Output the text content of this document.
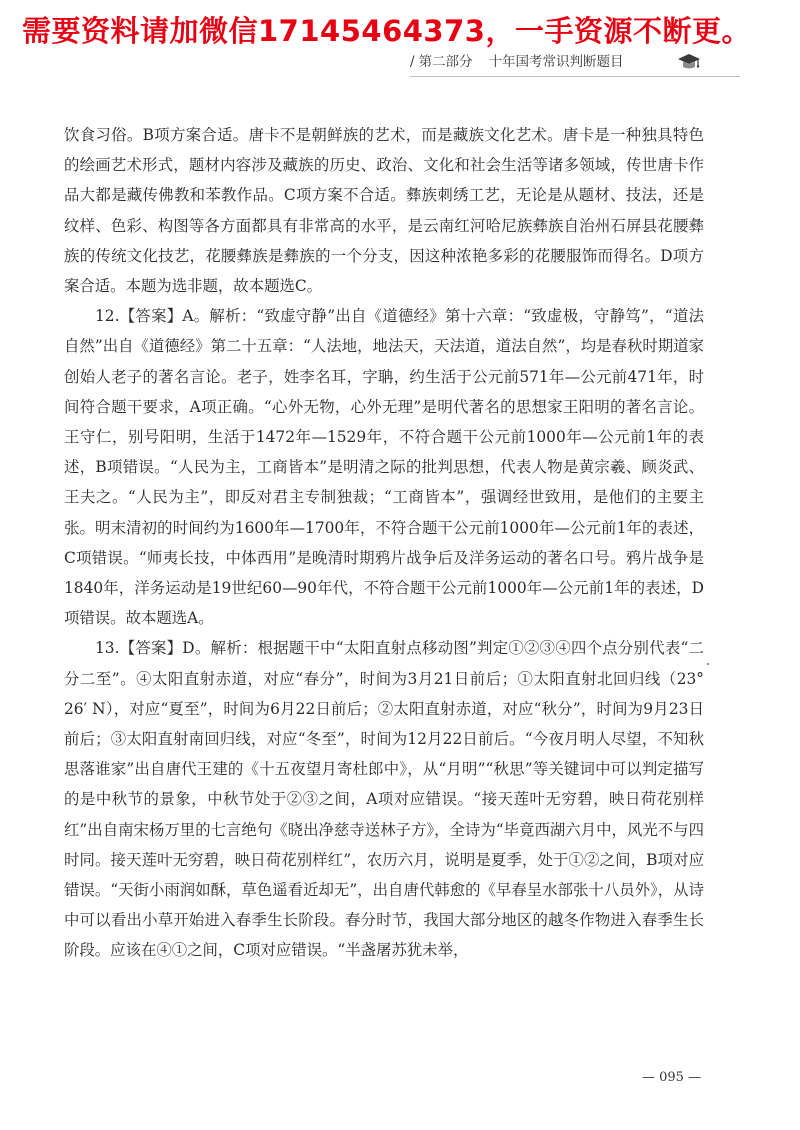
需要资料请加微信17145464373，一手资源不断更。
/ 第二部分 十年国考常识判断题目

饮食习俗。B项方案合适。唐卡不是朝鲜族的艺术，而是藏族文化艺术。唐卡是一种独具特色的绘画艺术形式，题材内容涉及藏族的历史、政治、文化和社会生活等诸多领域，传世唐卡作品大都是藏传佛教和苯教作品。C项方案不合适。彝族刺绣工艺，无论是从题材、技法，还是纹样、色彩、构图等各方面都具有非常高的水平，是云南红河哈尼族彝族自治州石屏县花腰彝族的传统文化技艺，花腰彝族是彝族的一个分支，因这种浓艳多彩的花腰服饰而得名。D项方案合适。本题为选非题，故本题选C。

12.【答案】A。解析：“致虚守静”出自《道德经》第十六章：“致虚极，守静笃”，“道法自然”出自《道德经》第二十五章：“人法地，地法天，天法道，道法自然”，均是春秋时期道家创始人老子的著名言论。老子，姓李名耳，字聃，约生活于公元前571年—公元前471年，时间符合题干要求，A项正确。“心外无物，心外无理”是明代著名的思想家王阳明的著名言论。王守仁，别号阳明，生活于1472年—1529年，不符合题干公元前1000年—公元前1年的表述，B项错误。“人民为主，工商皆本”是明清之际的批判思想，代表人物是黄宗羲、顾炎武、王夫之。“人民为主”，即反对君主专制独裁；“工商皆本”，强调经世致用，是他们的主要主张。明末清初的时间约为1600年—1700年，不符合题干公元前1000年—公元前1年的表述，C项错误。“师夷长技，中体西用”是晚清时期鸦片战争后及洋务运动的著名口号。鸦片战争是1840年，洋务运动是19世纪60—90年代，不符合题干公元前1000年—公元前1年的表述，D项错误。故本题选A。

13.【答案】D。解析：根据题干中“太阳直射点移动图”判定①②③④四个点分别代表“二分二至”。④太阳直射赤道，对应“春分”，时间为3月21日前后；①太阳直射北回归线（23° 26′ N），对应“夏至”，时间为6月22日前后；②太阳直射赤道，对应“秋分”，时间为9月23日前后；③太阳直射南回归线，对应“冬至”，时间为12月22日前后。“今夜月明人尽望，不知秋思落谁家”出自唐代王建的《十五夜望月寄杜郎中》，从“月明”“秋思”等关键词中可以判定描写的是中秋节的景象，中秋节处于②③之间，A项对应错误。“接天莲叶无穷碧，映日荷花别样红”出自南宋杨万里的七言绝句《晓出净慈寺送林子方》，全诗为“毕竟西湖六月中，风光不与四时同。接天莲叶无穷碧，映日荷花别样红”，农历六月，说明是夏季，处于①②之间，B项对应错误。“天街小雨润如酥，草色遥看近却无”，出自唐代韩愈的《早春呈水部张十八员外》，从诗中可以看出小草开始进入春季生长阶段。春分时节，我国大部分地区的越冬作物进入春季生长阶段。应该在④①之间，C项对应错误。“半盏屠苏犹未举，

— 095 —
